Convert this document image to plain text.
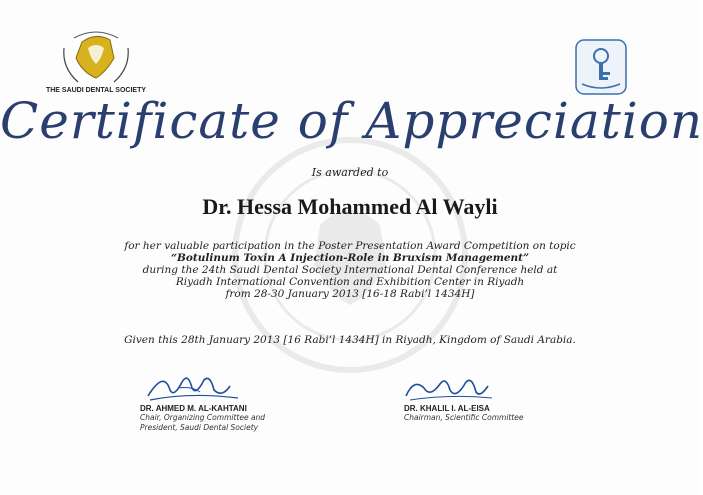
THE SAUDI DENTAL SOCIETY
Certificate of Appreciation
Is awarded to
Dr. Hessa Mohammed Al Wayli
for her valuable participation in the Poster Presentation Award Competition on topic
“Botulinum Toxin A Injection-Role in Bruxism Management”
during the 24th Saudi Dental Society International Dental Conference held at
Riyadh International Convention and Exhibition Center in Riyadh
from 28-30 January 2013 [16-18 Rabi’l 1434H]
Given this 28th January 2013 [16 Rabi’l 1434H] in Riyadh, Kingdom of Saudi Arabia.
DR. AHMED M. AL-KAHTANI
Chair, Organizing Committee and
President, Saudi Dental Society
DR. KHALIL I. AL-EISA
Chairman, Scientific Committee
